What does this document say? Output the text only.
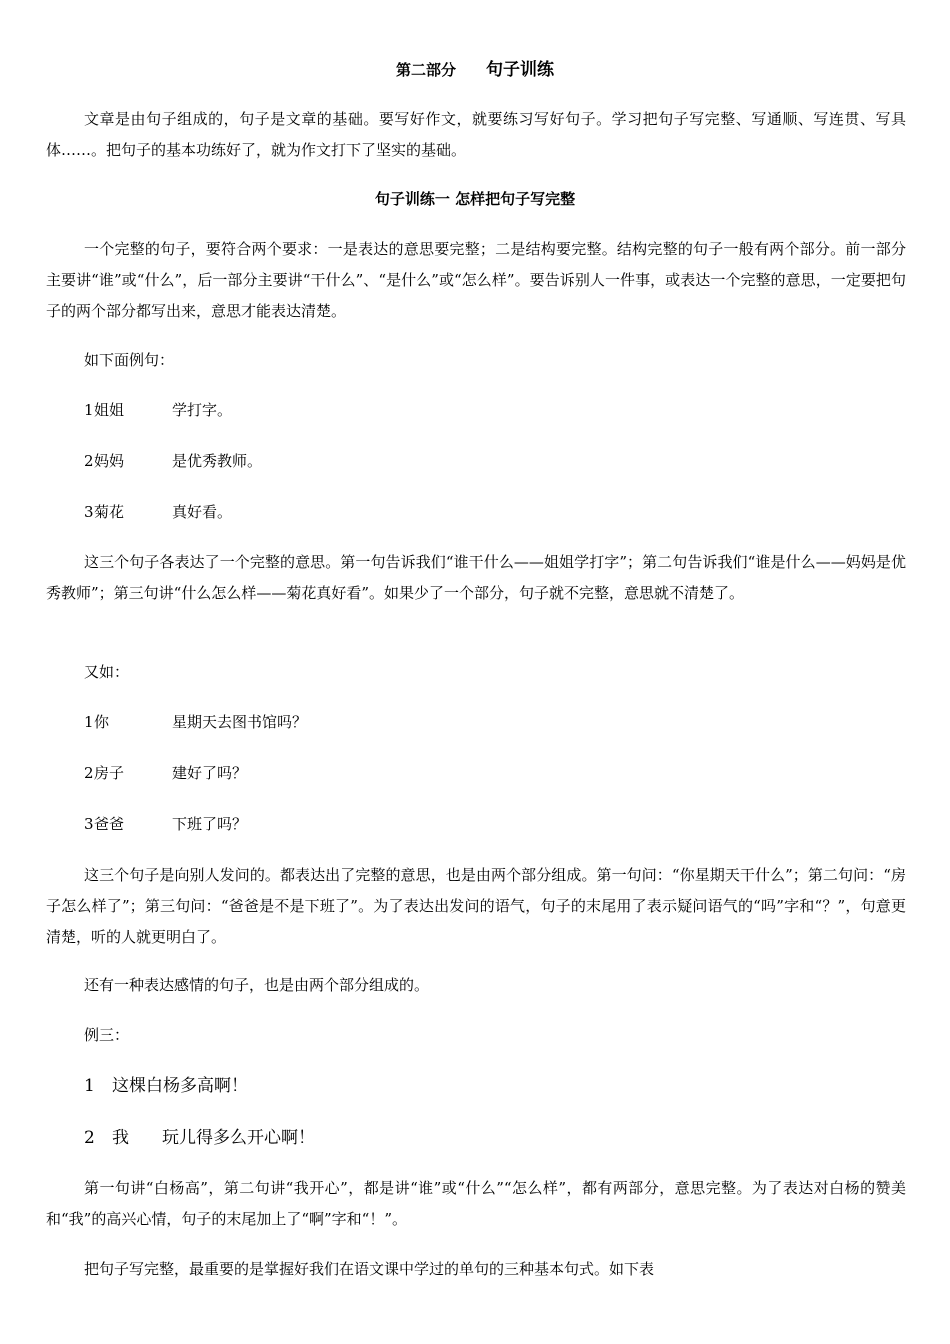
第二部分 句子训练

文章是由句子组成的，句子是文章的基础。要写好作文，就要练习写好句子。学习把句子写完整、写通顺、写连贯、写具体……。把句子的基本功练好了，就为作文打下了坚实的基础。

句子训练一 怎样把句子写完整

一个完整的句子，要符合两个要求：一是表达的意思要完整；二是结构要完整。结构完整的句子一般有两个部分。前一部分主要讲“谁”或“什么”，后一部分主要讲“干什么”、“是什么”或“怎么样”。要告诉别人一件事，或表达一个完整的意思，一定要把句子的两个部分都写出来，意思才能表达清楚。

如下面例句：
1姐姐	学打字。
2妈妈	是优秀教师。
3菊花	真好看。

这三个句子各表达了一个完整的意思。第一句告诉我们“谁干什么——姐姐学打字”；第二句告诉我们“谁是什么——妈妈是优秀教师”；第三句讲“什么怎么样——菊花真好看”。如果少了一个部分，句子就不完整，意思就不清楚了。

又如：
1你	星期天去图书馆吗？
2房子	建好了吗？
3爸爸	下班了吗？

这三个句子是向别人发问的。都表达出了完整的意思，也是由两个部分组成。第一句问：“你星期天干什么”；第二句问：“房子怎么样了”；第三句问：“爸爸是不是下班了”。为了表达出发问的语气，句子的末尾用了表示疑问语气的“吗”字和“？”，句意更清楚，听的人就更明白了。

还有一种表达感情的句子，也是由两个部分组成的。
例三：
1 这棵白杨多高啊！
2 我 玩儿得多么开心啊！

第一句讲“白杨高”，第二句讲“我开心”，都是讲“谁”或“什么”“怎么样”，都有两部分，意思完整。为了表达对白杨的赞美和“我”的高兴心情，句子的末尾加上了“啊”字和“！”。

把句子写完整，最重要的是掌握好我们在语文课中学过的单句的三种基本句式。如下表
